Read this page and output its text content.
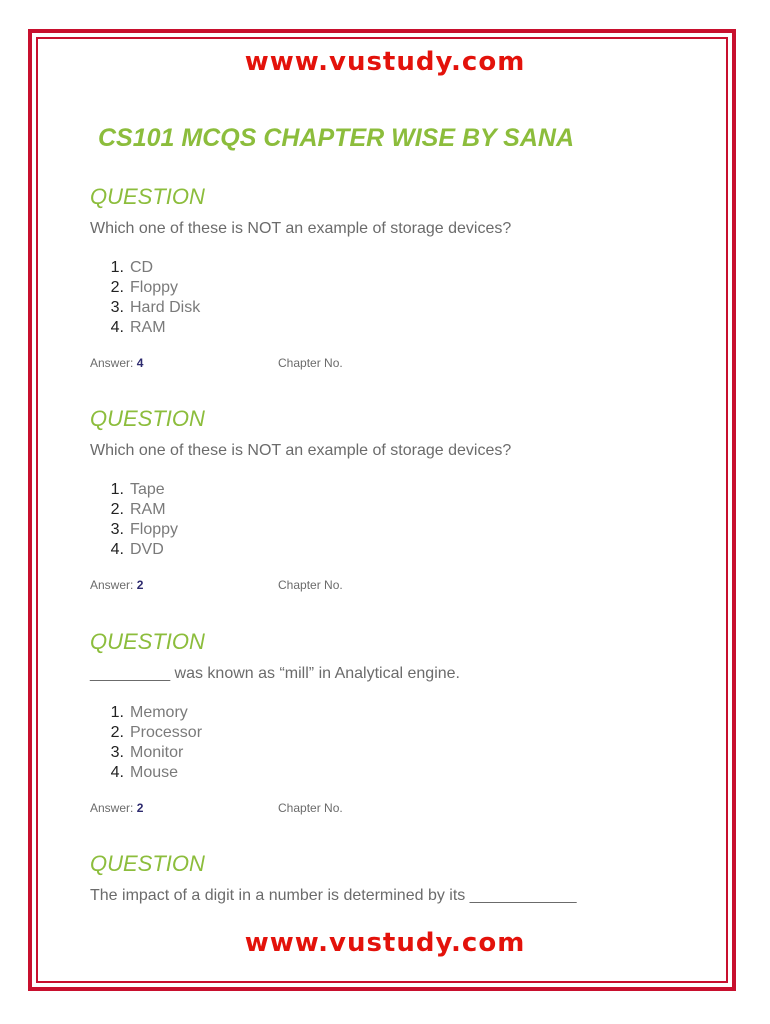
www.vustudy.com
CS101 MCQS CHAPTER WISE BY SANA
QUESTION
Which one of these is NOT an example of storage devices?
1. CD
2. Floppy
3. Hard Disk
4. RAM
Answer: 4	Chapter No.
QUESTION
Which one of these is NOT an example of storage devices?
1. Tape
2. RAM
3. Floppy
4. DVD
Answer: 2	Chapter No.
QUESTION
_________ was known as “mill” in Analytical engine.
1. Memory
2. Processor
3. Monitor
4. Mouse
Answer: 2	Chapter No.
QUESTION
The impact of a digit in a number is determined by its ____________
www.vustudy.com
